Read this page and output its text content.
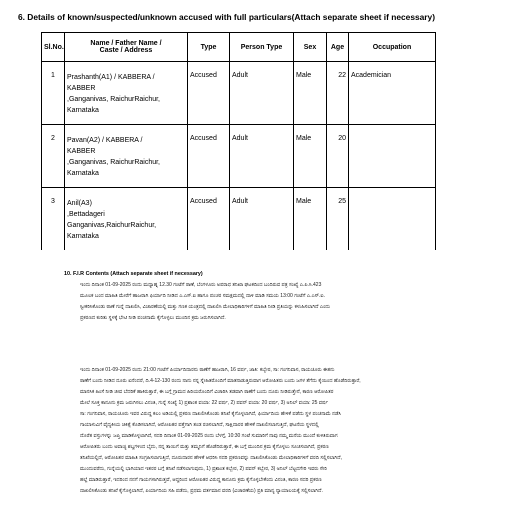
6. Details of known/suspected/unknown accused with full particulars(Attach separate sheet if necessary)
Sl.No.	Name / Father Name /
Caste / Address	Type	Person Type	Sex	Age	Occupation
1	Prashanth(A1) / KABBERA /
KABBER
,Ganganivas, RaichurRaichur,
Karnataka	Accused	Adult	Male	22	Academician
2	Pavan(A2) / KABBERA /
KABBER
,Ganganivas, RaichurRaichur,
Karnataka	Accused	Adult	Male	20	
3	Anil(A3)
,Bettadageri
Ganganivas,RaichurRaichur,
Karnataka	Accused	Adult	Male	25	
10. F.I.R Contents (Attach separate sheet if necessary)
ಇಂದು ದಿನಾಂಕ 01-09-2025 ರಂದು ಮಧ್ಯಾಹ್ನ 12.30 ಗಂಟೆಗೆ ಠಾಣೆ, ಬೆಂಗಳೂರು ಅಪರಾಧ ತನಿಖಾ ಘಟಕದಿಂದ ಬಂದಿರುವ ಪತ್ರ ಸಂಖ್ಯೆ ಎ.ಪಿ.ಸಿ.423
ಮೂಲಕ ಬಂದ ಮಾಹಿತಿ ಮೇರೆಗೆ ಹಾಜರಾಗಿ ಫಿರ್ಯಾದಿ ನೀಡಿದ ಎ.ಎಸ್.ಐ ಹಾಗೂ ಪಂಚರ ಸಮಕ್ಷಮದಲ್ಲಿ ದಾಳಿ ಮಾಡಿ ಸಮಯ 13:00 ಗಂಟೆಗೆ ಎ.ಎಸ್.ಐ.
ಸ್ವೀಕರಿಸಿಕೊಂಡು ಠಾಣೆ ಗುನ್ನೆ ದಾಖಲಿಸಿ, ವಿಚಾರಣೆಯಲ್ಲಿ ಮತ್ತು ಗಣಕ ಯಂತ್ರದಲ್ಲಿ ದಾಖಲಿಸಿ ಮೇಲಾಧಿಕಾರಿಗಳಿಗೆ ಮಾಹಿತಿ ನೀಡಿ ಪ್ರತಿಯನ್ನು ಕಳುಹಿಸಲಾಗಿದೆ ಎಂದು
ಪ್ರಕರಣದ ಕುರಿತು ಸ್ಥಳಕ್ಕೆ ಭೇಟಿ ನೀಡಿ ಪಂಚನಾಮೆ ಕೈಗೊಳ್ಳಲು ಮುಂದಿನ ಕ್ರಮ ಜರುಗಿಸಲಾಗಿದೆ.
ಇಂದು ದಿನಾಂಕ 01-09-2025 ರಂದು 21:00 ಗಂಟೆಗೆ ಪಿರ್ಯಾದಿದಾರನು ಠಾಣೆಗೆ ಹಾಜರಾಗಿ, 16 ವರ್ಷ, ಜಾತಿ: ಕಬ್ಬೇರ, ಸಾ: ಗಂಗನಿವಾಸ, ರಾಯಚೂರು ಈತನು
ಠಾಣೆಗೆ ಬಂದು ನೀಡಿದ ದೂರು ಏನೆಂದರೆ, ದಿ.4-12-130 ರಂದು ನಾನು ನನ್ನ ಸ್ನೇಹಿತರೊಂದಿಗೆ ಮಾತನಾಡುತ್ತಿರುವಾಗ ಆರೋಪಿತರು ಬಂದು ಜಗಳ ತೆಗೆದು ಕೈಯಿಂದ ಹೊಡೆದಿರುತ್ತಾರೆ,
ಮಾನಸಿಕ ಹಿಂಸೆ ನೀಡಿ ಜೀವ ಬೆದರಿಕೆ ಹಾಕಿರುತ್ತಾರೆ, ಈ ಬಗ್ಗೆ ಗ್ರಾಮದ ಹಿರಿಯರೊಂದಿಗೆ ವಿಚಾರಿಸಿ ತಡವಾಗಿ ಠಾಣೆಗೆ ಬಂದು ದೂರು ನೀಡಿರುತ್ತೇನೆ, ಕಾರಣ ಆರೋಪಿತರ
ಮೇಲೆ ಸೂಕ್ತ ಕಾನೂನು ಕ್ರಮ ಜರುಗಿಸಲು ವಿನಂತಿ, ಗುನ್ನೆ ಸಂಖ್ಯೆ 1) ಪ್ರಶಾಂತ ವಯಾ: 22 ವರ್ಷ, 2) ಪವನ್ ವಯಾ: 20 ವರ್ಷ, 3) ಅನಿಲ್ ವಯಾ: 25 ವರ್ಷ
ಸಾ: ಗಂಗನಿವಾಸ, ರಾಯಚೂರು ಇವರ ವಿರುದ್ಧ ಕಲಂ ಅಡಿಯಲ್ಲಿ ಪ್ರಕರಣ ದಾಖಲಿಸಿಕೊಂಡು ತನಿಖೆ ಕೈಗೊಳ್ಳಲಾಗಿದೆ, ಫಿರ್ಯಾದಿಯ ಹೇಳಿಕೆ ಪಡೆದು ಸ್ಥಳ ಪಂಚನಾಮೆ ನಡೆಸಿ
ಗಾಯಾಳುವಿಗೆ ವೈದ್ಯಕೀಯ ಚಿಕಿತ್ಸೆ ಕೊಡಿಸಲಾಗಿದೆ, ಆರೋಪಿತರ ಪತ್ತೆಗಾಗಿ ತಂಡ ರಚಿಸಲಾಗಿದೆ, ಸಾಕ್ಷಿದಾರರ ಹೇಳಿಕೆ ದಾಖಲಿಸಲಾಗುತ್ತಿದೆ, ಘಟನೆಯ ಸ್ಥಳದಲ್ಲಿ
ದೊರೆತ ವಸ್ತುಗಳನ್ನು ಜಪ್ತಿ ಮಾಡಿಕೊಳ್ಳಲಾಗಿದೆ, ಸದರಿ ದಿನಾಂಕ 01-09-2025 ರಂದು ಬೆಳಗ್ಗೆ, 10:30 ಗಂಟೆ ಸುಮಾರಿಗೆ ನಾವು ನಮ್ಮ ಮನೆಯ ಮುಂದೆ ಕುಳಿತಿರುವಾಗ
ಆರೋಪಿತರು ಬಂದು ಅವಾಚ್ಯ ಶಬ್ದಗಳಿಂದ ಬೈದು, ನನ್ನ ತಾಯಿಗೆ ಮತ್ತು ತಮ್ಮನಿಗೆ ಹೊಡೆದಿರುತ್ತಾರೆ, ಈ ಬಗ್ಗೆ ಮುಂದಿನ ಕ್ರಮ ಕೈಗೊಳ್ಳಲು ಸೂಚಿಸಲಾಗಿದೆ, ಪ್ರಕರಣ
ತನಿಖೆಯಲ್ಲಿದೆ, ಆರೋಪಿತರ ಮಾಹಿತಿ ಸಂಗ್ರಹಿಸಲಾಗುತ್ತಿದೆ, ದೂರುದಾರನ ಹೇಳಿಕೆ ಆಧರಿಸಿ ಸದರಿ ಪ್ರಕರಣವನ್ನು ದಾಖಲಿಸಿಕೊಂಡು ಮೇಲಾಧಿಕಾರಿಗಳಿಗೆ ವರದಿ ಸಲ್ಲಿಸಲಾಗಿದೆ,
ಮುಂದುವರೆದು, ಗುನ್ನೆಯಲ್ಲಿ ಭಾಗಿಯಾದ ಇತರರ ಬಗ್ಗೆ ತನಿಖೆ ನಡೆಸಲಾಗುವುದು, 1) ಪ್ರಶಾಂತ ಕಬ್ಬೇರ, 2) ಪವನ್ ಕಬ್ಬೇರ, 3) ಅನಿಲ್ ಬೆಟ್ಟದಗೇರಿ ಇವರು ಸೇರಿ
ಹಲ್ಲೆ ಮಾಡಿರುತ್ತಾರೆ, ಇದರಿಂದ ನನಗೆ ಗಾಯಗಳಾಗಿರುತ್ತವೆ, ಆದ್ದರಿಂದ ಆರೋಪಿತರ ವಿರುದ್ಧ ಕಾನೂನು ಕ್ರಮ ಕೈಗೊಳ್ಳಬೇಕೆಂದು ವಿನಂತಿ, ಕಾರಣ ಸದರಿ ಪ್ರಕರಣ
ದಾಖಲಿಸಿಕೊಂಡು ತನಿಖೆ ಕೈಗೊಳ್ಳಲಾಗಿದೆ, ಪಿರ್ಯಾದಿಯ ಸಹಿ ಪಡೆದು, ಪ್ರಥಮ ವರ್ತಮಾನ ವರದಿ (ವಿಚಾರಣೆಯ) ಪ್ರತಿ ಮಾನ್ಯ ನ್ಯಾಯಾಲಯಕ್ಕೆ ಸಲ್ಲಿಸಲಾಗಿದೆ.
